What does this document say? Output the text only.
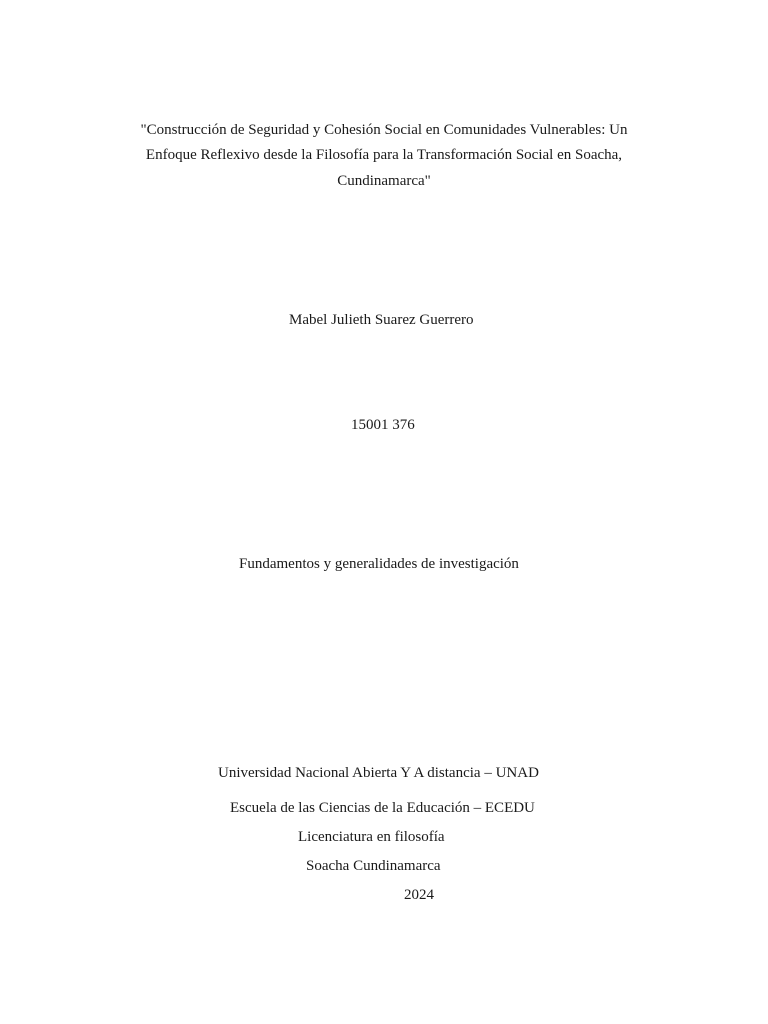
"Construcción de Seguridad y Cohesión Social en Comunidades Vulnerables: Un
Enfoque Reflexivo desde la Filosofía para la Transformación Social en Soacha,
Cundinamarca"
Mabel Julieth Suarez Guerrero
15001 376
Fundamentos y generalidades de investigación
Universidad Nacional Abierta Y A distancia – UNAD
Escuela de las Ciencias de la Educación – ECEDU
Licenciatura en filosofía
Soacha Cundinamarca
2024
